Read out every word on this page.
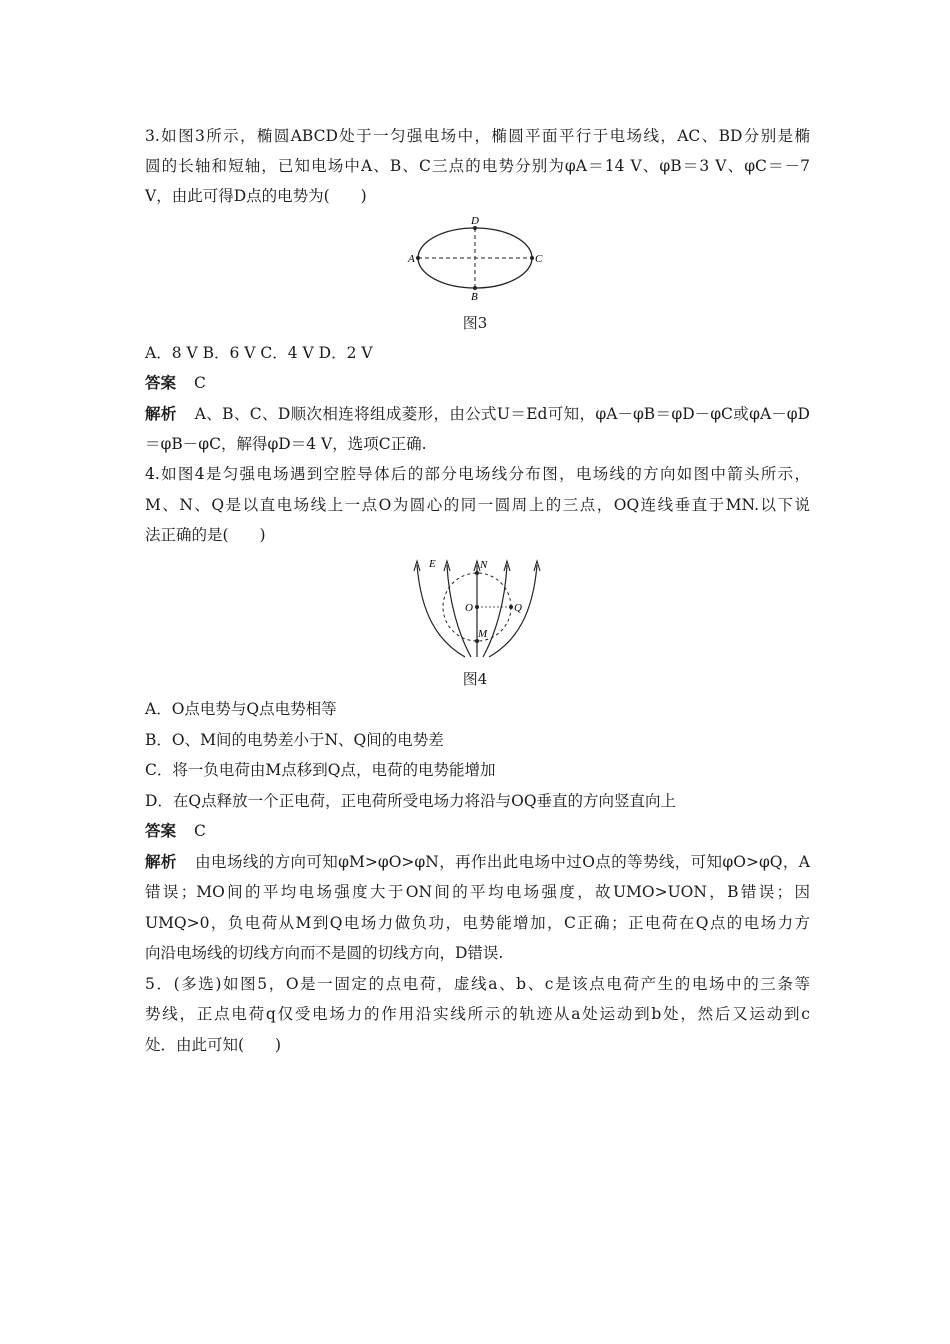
3.如图3所示，椭圆ABCD处于一匀强电场中，椭圆平面平行于电场线，AC、BD分别是椭
圆的长轴和短轴，已知电场中A、B、C三点的电势分别为φA＝14 V、φB＝3 V、φC＝－7
V，由此可得D点的电势为(　　)
A	C
D
B
图3
A．8 V B．6 V C．4 V D．2 V
答案 C
解析 A、B、C、D顺次相连将组成菱形，由公式U＝Ed可知，φA－φB＝φD－φC或φA－φD
＝φB－φC，解得φD＝4 V，选项C正确.
4.如图4是匀强电场遇到空腔导体后的部分电场线分布图，电场线的方向如图中箭头所示，
M、N、Q是以直电场线上一点O为圆心的同一圆周上的三点，OQ连线垂直于MN.以下说
法正确的是(　　)
E	N
O	Q
M
图4
A．O点电势与Q点电势相等
B．O、M间的电势差小于N、Q间的电势差
C．将一负电荷由M点移到Q点，电荷的电势能增加
D．在Q点释放一个正电荷，正电荷所受电场力将沿与OQ垂直的方向竖直向上
答案 C
解析 由电场线的方向可知φM>φO>φN，再作出此电场中过O点的等势线，可知φO>φQ，A
错误；MO间的平均电场强度大于ON间的平均电场强度，故UMO>UON，B错误；因
UMQ>0，负电荷从M到Q电场力做负功，电势能增加，C正确；正电荷在Q点的电场力方
向沿电场线的切线方向而不是圆的切线方向，D错误.
5．(多选)如图5，O是一固定的点电荷，虚线a、b、c是该点电荷产生的电场中的三条等
势线，正点电荷q仅受电场力的作用沿实线所示的轨迹从a处运动到b处，然后又运动到c
处．由此可知(　　)
